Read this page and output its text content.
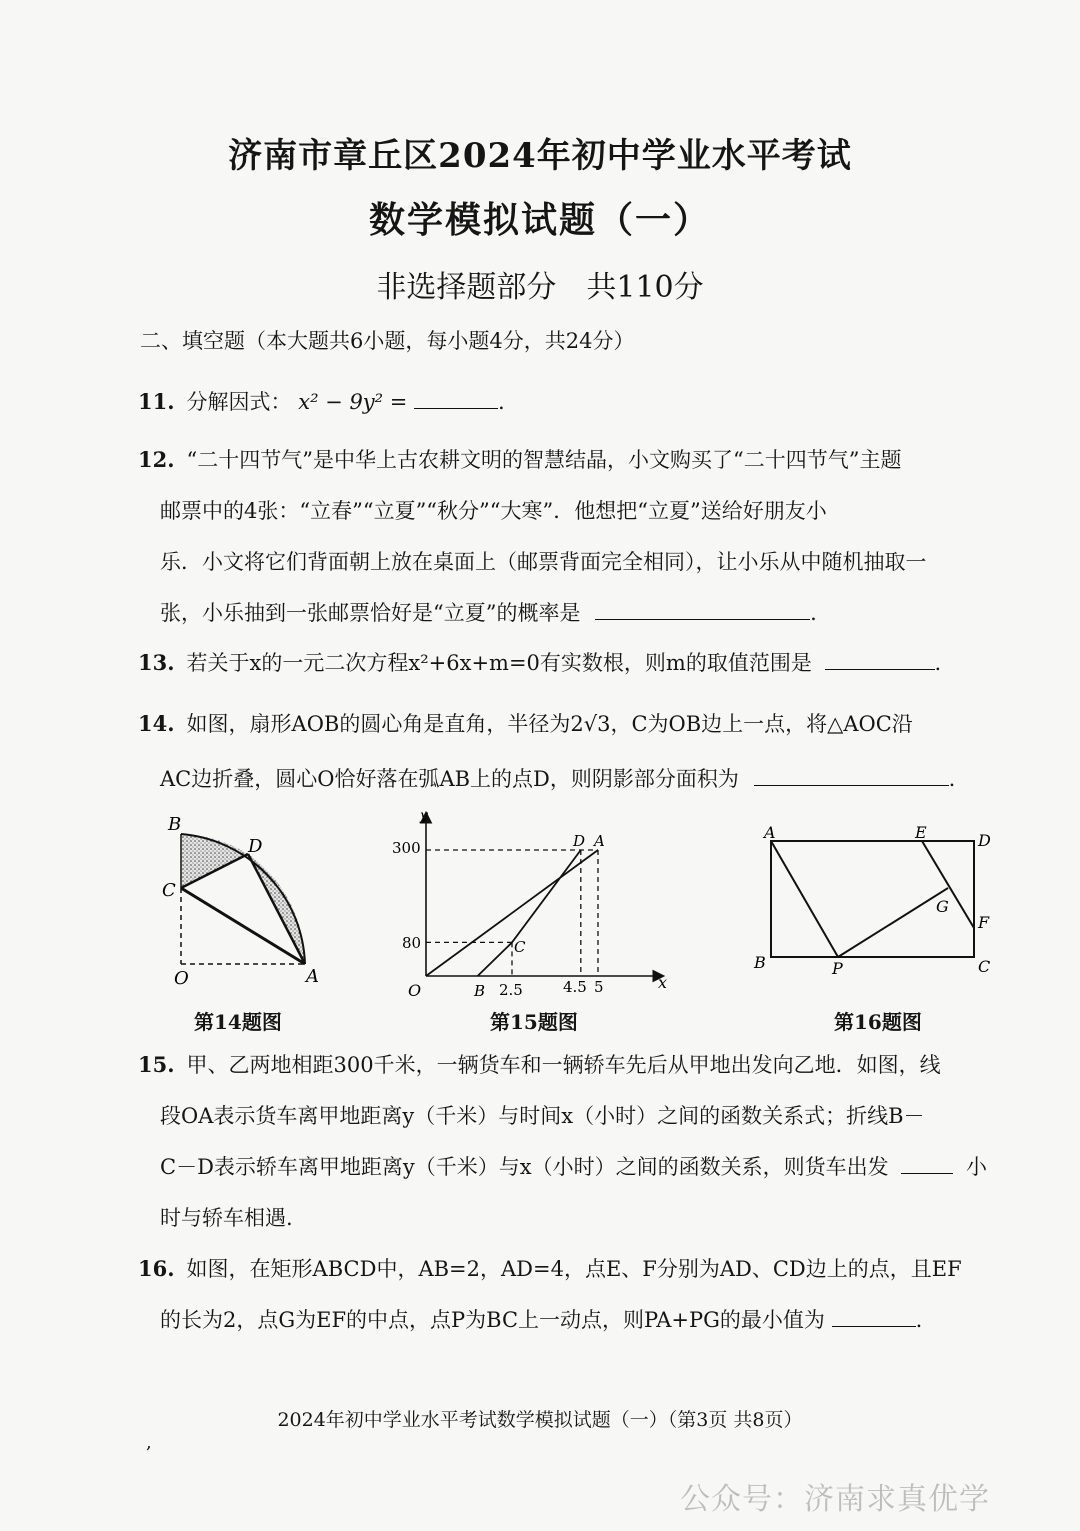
济南市章丘区2024年初中学业水平考试
数学模拟试题（一）
非选择题部分　共110分
二、填空题（本大题共6小题，每小题4分，共24分）
11. 分解因式： x² − 9y² =	.
12. “二十四节气”是中华上古农耕文明的智慧结晶，小文购买了“二十四节气”主题
邮票中的4张：“立春”“立夏”“秋分”“大寒”．他想把“立夏”送给好朋友小
乐．小文将它们背面朝上放在桌面上（邮票背面完全相同），让小乐从中随机抽取一
张，小乐抽到一张邮票恰好是“立夏”的概率是	.
13. 若关于x的一元二次方程x²+6x+m=0有实数根，则m的取值范围是	.
14. 如图，扇形AOB的圆心角是直角，半径为2√3，C为OB边上一点，将△AOC沿
AC边折叠，圆心O恰好落在弧AB上的点D，则阴影部分面积为	.
B
D
C
O	A
第14题图
y
x
O
300
80
2.5	4.5 5
D A
C
B
第15题图
A	E	D
G
F
B	P	C
第16题图
15. 甲、乙两地相距300千米，一辆货车和一辆轿车先后从甲地出发向乙地．如图，线
段OA表示货车离甲地距离y（千米）与时间x（小时）之间的函数关系式；折线B－
C－D表示轿车离甲地距离y（千米）与x（小时）之间的函数关系，则货车出发	小
时与轿车相遇.
16. 如图，在矩形ABCD中，AB=2，AD=4，点E、F分别为AD、CD边上的点，且EF
的长为2，点G为EF的中点，点P为BC上一动点，则PA+PG的最小值为	.
2024年初中学业水平考试数学模拟试题（一）（第3页 共8页）
,
公众号：济南求真优学
